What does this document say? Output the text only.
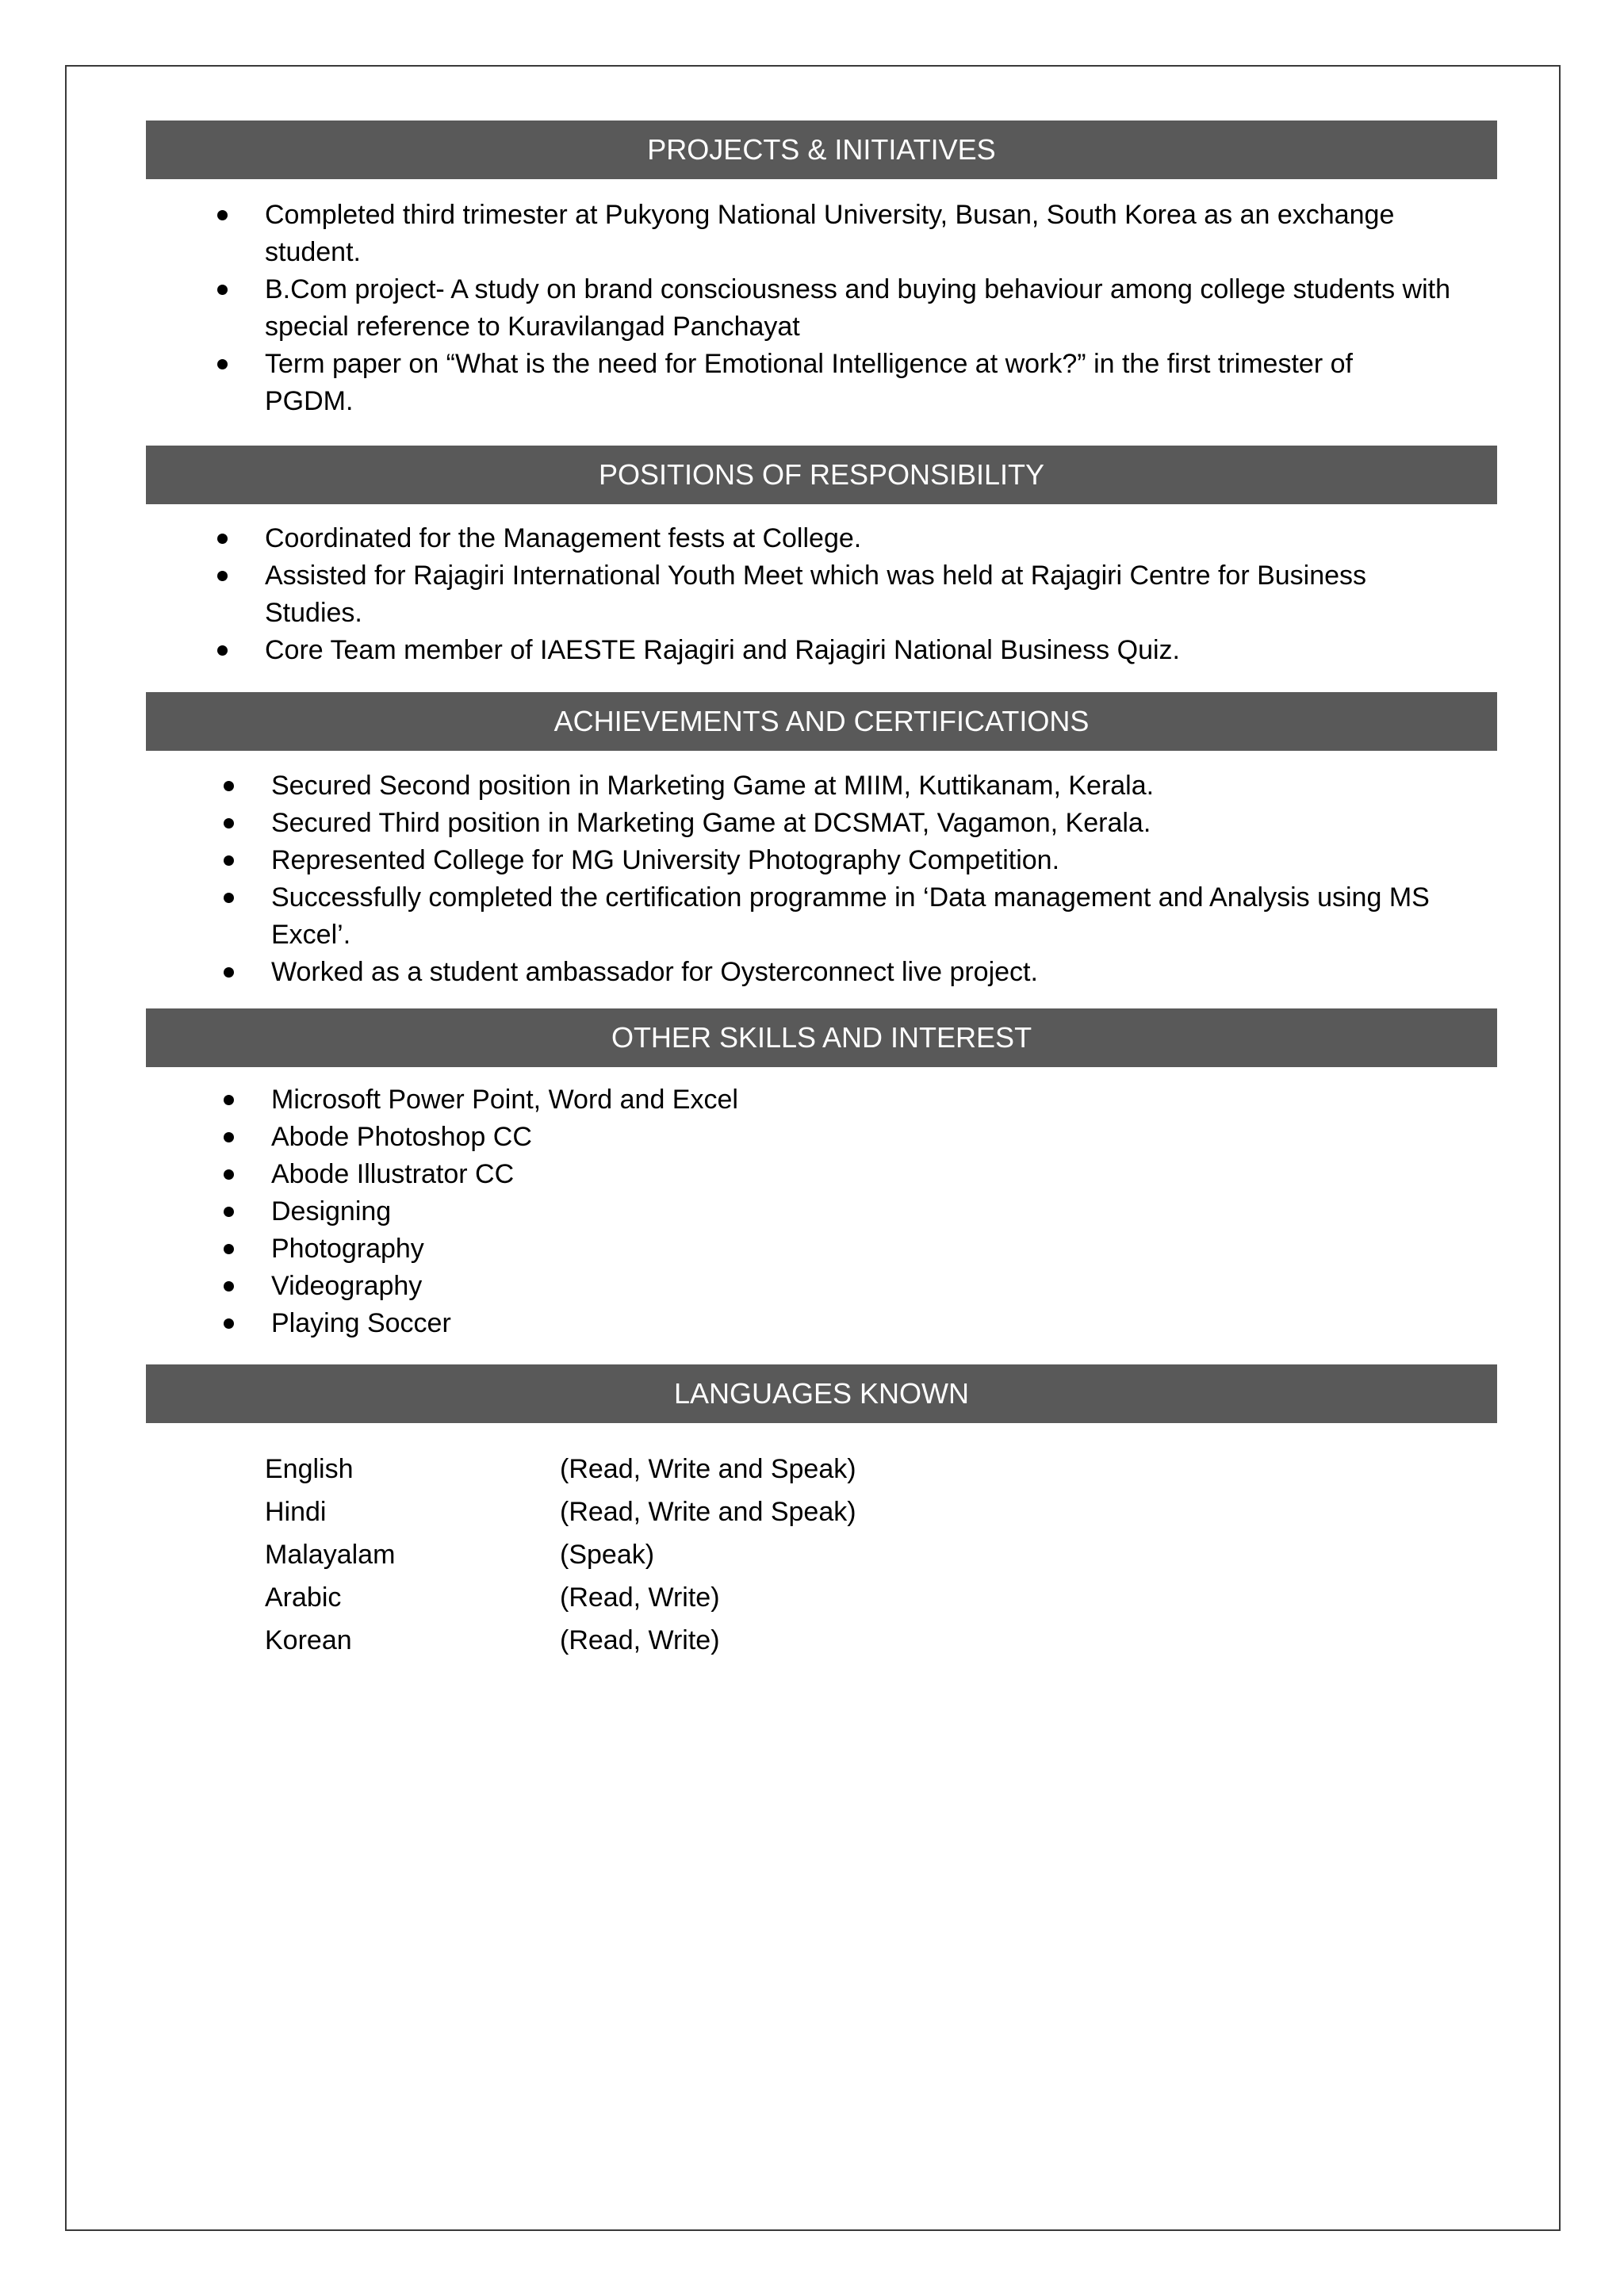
PROJECTS & INITIATIVES
Completed third trimester at Pukyong National University, Busan, South Korea as an exchange
student.
B.Com project- A study on brand consciousness and buying behaviour among college students with
special reference to Kuravilangad Panchayat
Term paper on “What is the need for Emotional Intelligence at work?” in the first trimester of
PGDM.
POSITIONS OF RESPONSIBILITY
Coordinated for the Management fests at College.
Assisted for Rajagiri International Youth Meet which was held at Rajagiri Centre for Business
Studies.
Core Team member of IAESTE Rajagiri and Rajagiri National Business Quiz.
ACHIEVEMENTS AND CERTIFICATIONS
Secured Second position in Marketing Game at MIIM, Kuttikanam, Kerala.
Secured Third position in Marketing Game at DCSMAT, Vagamon, Kerala.
Represented College for MG University Photography Competition.
Successfully completed the certification programme in ‘Data management and Analysis using MS
Excel’.
Worked as a student ambassador for Oysterconnect live project.
OTHER SKILLS AND INTEREST
Microsoft Power Point, Word and Excel
Abode Photoshop CC
Abode Illustrator CC
Designing
Photography
Videography
Playing Soccer
LANGUAGES KNOWN
English	(Read, Write and Speak)
Hindi	(Read, Write and Speak)
Malayalam	(Speak)
Arabic	(Read, Write)
Korean	(Read, Write)
